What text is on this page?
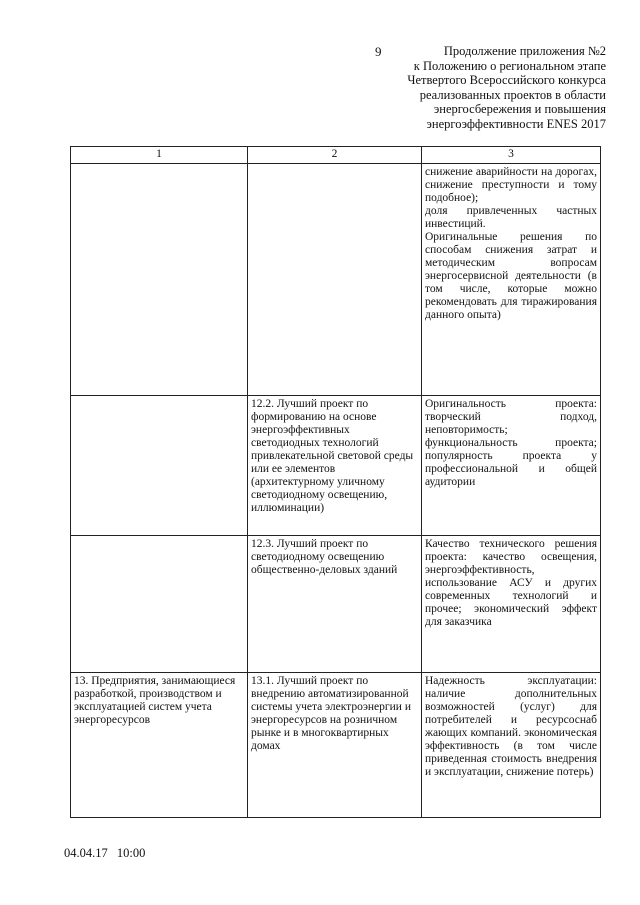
9	Продолжение приложения №2
к Положению о региональном этапе
Четвертого Всероссийского конкурса
реализованных проектов в области
энергосбережения и повышения
энергоэффективности ENES 2017
1	2	3

		снижение аварийности на дорогах, снижение преступности и тому подобное);
доля привлеченных частных инвестиций.
Оригинальные решения по способам снижения затрат и методическим вопросам энергосервисной деятельности (в том числе, которые можно рекомендовать для тиражирования данного опыта)

	12.2. Лучший проект по формированию на основе энергоэффективных светодиодных технологий привлекательной световой среды или ее элементов (архитектурному уличному светодиодному освещению, иллюминации)	Оригинальность проекта: творческий подход, неповторимость; функциональность проекта; популярность проекта у профессиональной и общей аудитории

	12.3. Лучший проект по светодиодному освещению общественно-деловых зданий	Качество технического решения проекта: качество освещения, энергоэффективность, использование АСУ и других современных технологий и прочее; экономический эффект для заказчика

13. Предприятия, занимающиеся разработкой, производством и эксплуатацией систем учета энергоресурсов	13.1. Лучший проект по внедрению автоматизированной системы учета электроэнергии и энергоресурсов на розничном рынке и в многоквартирных домах	Надежность эксплуатации: наличие дополнительных возможностей (услуг) для потребителей и ресурсоснаб жающих компаний. экономическая эффективность (в том числе приведенная стоимость внедрения и эксплуатации, снижение потерь)
04.04.17 10:00
